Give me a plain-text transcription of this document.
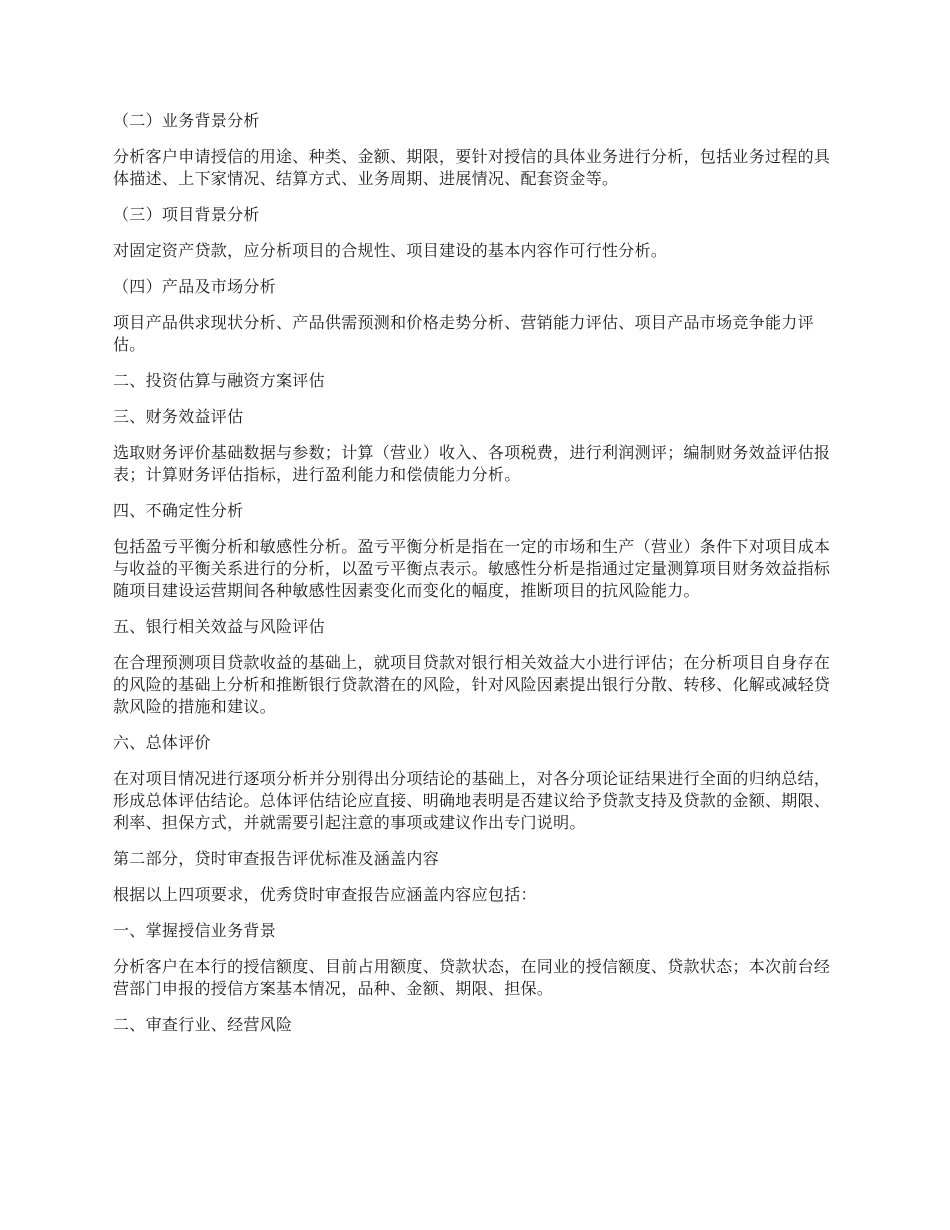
（二）业务背景分析

分析客户申请授信的用途、种类、金额、期限，要针对授信的具体业务进行分析，包括业务过程的具体描述、上下家情况、结算方式、业务周期、进展情况、配套资金等。

（三）项目背景分析

对固定资产贷款，应分析项目的合规性、项目建设的基本内容作可行性分析。

（四）产品及市场分析

项目产品供求现状分析、产品供需预测和价格走势分析、营销能力评估、项目产品市场竞争能力评估。

二、投资估算与融资方案评估

三、财务效益评估

选取财务评价基础数据与参数；计算（营业）收入、各项税费，进行利润测评；编制财务效益评估报表；计算财务评估指标，进行盈利能力和偿债能力分析。

四、不确定性分析

包括盈亏平衡分析和敏感性分析。盈亏平衡分析是指在一定的市场和生产（营业）条件下对项目成本与收益的平衡关系进行的分析，以盈亏平衡点表示。敏感性分析是指通过定量测算项目财务效益指标随项目建设运营期间各种敏感性因素变化而变化的幅度，推断项目的抗风险能力。

五、银行相关效益与风险评估

在合理预测项目贷款收益的基础上，就项目贷款对银行相关效益大小进行评估；在分析项目自身存在的风险的基础上分析和推断银行贷款潜在的风险，针对风险因素提出银行分散、转移、化解或减轻贷款风险的措施和建议。

六、总体评价

在对项目情况进行逐项分析并分别得出分项结论的基础上，对各分项论证结果进行全面的归纳总结，形成总体评估结论。总体评估结论应直接、明确地表明是否建议给予贷款支持及贷款的金额、期限、利率、担保方式，并就需要引起注意的事项或建议作出专门说明。

第二部分，贷时审查报告评优标准及涵盖内容

根据以上四项要求，优秀贷时审查报告应涵盖内容应包括：

一、掌握授信业务背景

分析客户在本行的授信额度、目前占用额度、贷款状态，在同业的授信额度、贷款状态；本次前台经营部门申报的授信方案基本情况，品种、金额、期限、担保。

二、审查行业、经营风险
